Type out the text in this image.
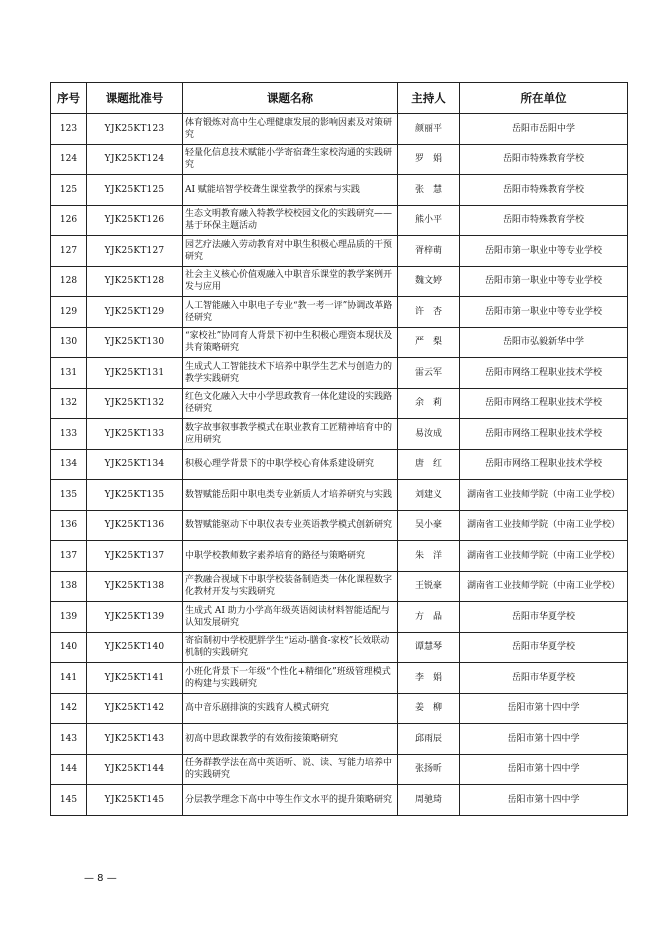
序号	课题批准号	课题名称	主持人	所在单位
123	YJK25KT123	体育锻炼对高中生心理健康发展的影响因素及对策研究	颜丽平	岳阳市岳阳中学
124	YJK25KT124	轻量化信息技术赋能小学寄宿聋生家校沟通的实践研究	罗　娟	岳阳市特殊教育学校
125	YJK25KT125	AI 赋能培智学校聋生课堂教学的探索与实践	张　慧	岳阳市特殊教育学校
126	YJK25KT126	生态文明教育融入特教学校校园文化的实践研究——基于环保主题活动	熊小平	岳阳市特殊教育学校
127	YJK25KT127	园艺疗法融入劳动教育对中职生积极心理品质的干预研究	胥梓萌	岳阳市第一职业中等专业学校
128	YJK25KT128	社会主义核心价值观融入中职音乐课堂的教学案例开发与应用	魏文婷	岳阳市第一职业中等专业学校
129	YJK25KT129	人工智能融入中职电子专业“教一考一评”协调改革路径研究	许　杏	岳阳市第一职业中等专业学校
130	YJK25KT130	“家校社”协同育人背景下初中生积极心理资本现状及共育策略研究	严　梨	岳阳市弘毅新华中学
131	YJK25KT131	生成式人工智能技术下培养中职学生艺术与创造力的教学实践研究	雷云军	岳阳市网络工程职业技术学校
132	YJK25KT132	红色文化融入大中小学思政教育一体化建设的实践路径研究	余　莉	岳阳市网络工程职业技术学校
133	YJK25KT133	数字故事叙事教学模式在职业教育工匠精神培育中的应用研究	易汝成	岳阳市网络工程职业技术学校
134	YJK25KT134	积极心理学背景下的中职学校心育体系建设研究	唐　红	岳阳市网络工程职业技术学校
135	YJK25KT135	数智赋能岳阳中职电类专业新质人才培养研究与实践	刘建义	湖南省工业技师学院（中南工业学校）
136	YJK25KT136	数智赋能驱动下中职仪表专业英语教学模式创新研究	吴小豪	湖南省工业技师学院（中南工业学校）
137	YJK25KT137	中职学校教师数字素养培育的路径与策略研究	朱　洋	湖南省工业技师学院（中南工业学校）
138	YJK25KT138	产教融合视域下中职学校装备制造类一体化课程数字化教材开发与实践研究	王锐豪	湖南省工业技师学院（中南工业学校）
139	YJK25KT139	生成式 AI 助力小学高年级英语阅读材料智能适配与认知发展研究	方　晶	岳阳市华夏学校
140	YJK25KT140	寄宿制初中学校肥胖学生“运动-膳食-家校”长效联动机制的实践研究	谭慧琴	岳阳市华夏学校
141	YJK25KT141	小班化背景下一年级“个性化+精细化”班级管理模式的构建与实践研究	李　娟	岳阳市华夏学校
142	YJK25KT142	高中音乐剧排演的实践育人模式研究	姜　柳	岳阳市第十四中学
143	YJK25KT143	初高中思政课教学的有效衔接策略研究	邱雨辰	岳阳市第十四中学
144	YJK25KT144	任务群教学法在高中英语听、说、读、写能力培养中的实践研究	张扬昕	岳阳市第十四中学
145	YJK25KT145	分层教学理念下高中中等生作文水平的提升策略研究	周驰琦	岳阳市第十四中学
— 8 —
